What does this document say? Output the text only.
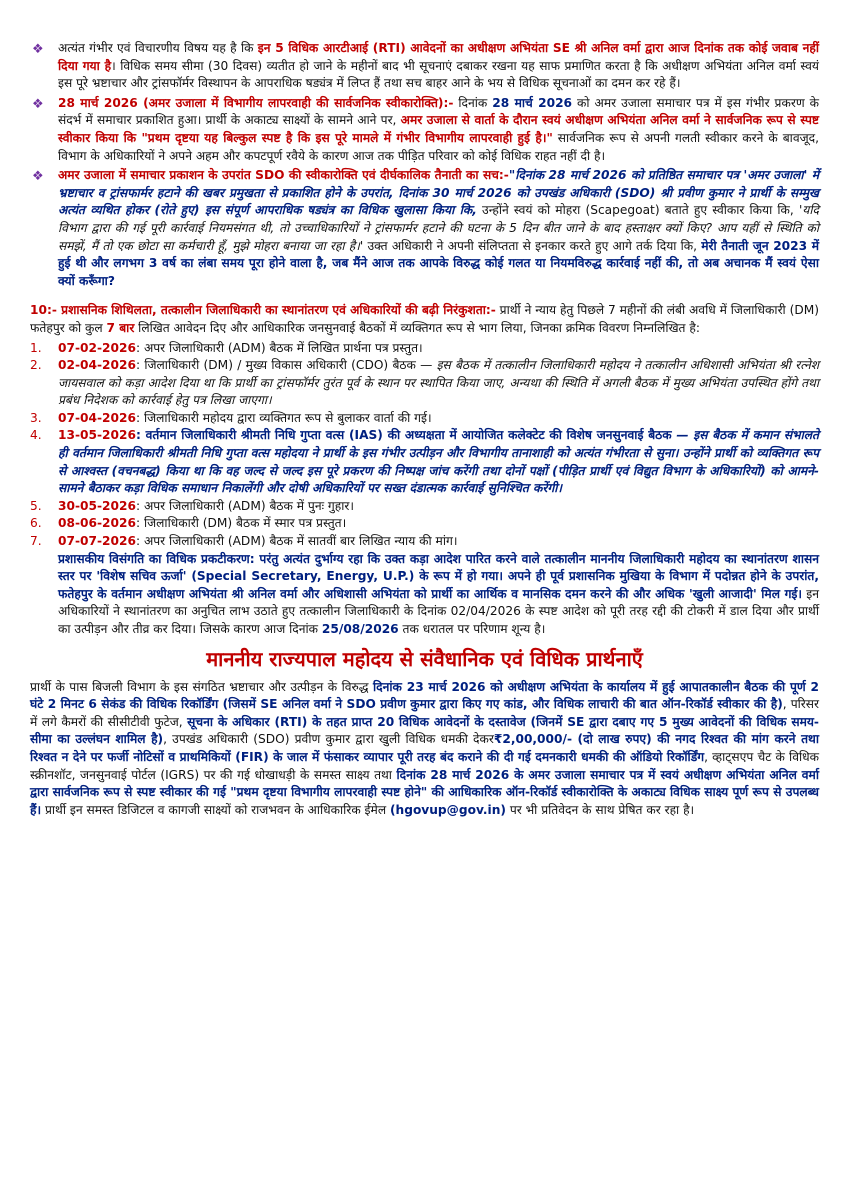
❖ अत्यंत गंभीर एवं विचारणीय विषय यह है कि इन 5 विधिक आरटीआई (RTI) आवेदनों का अधीक्षण अभियंता SE श्री अनिल वर्मा द्वारा आज दिनांक तक कोई जवाब नहीं दिया गया है। विधिक समय सीमा (30 दिवस) व्यतीत हो जाने के महीनों बाद भी सूचनाएं दबाकर रखना यह साफ प्रमाणित करता है कि अधीक्षण अभियंता अनिल वर्मा स्वयं इस पूरे भ्रष्टाचार और ट्रांसफॉर्मर विस्थापन के आपराधिक षड्यंत्र में लिप्त हैं तथा सच बाहर आने के भय से विधिक सूचनाओं का दमन कर रहे हैं।
❖ 28 मार्च 2026 (अमर उजाला में विभागीय लापरवाही की सार्वजनिक स्वीकारोक्ति):- दिनांक 28 मार्च 2026 को अमर उजाला समाचार पत्र में इस गंभीर प्रकरण के संदर्भ में समाचार प्रकाशित हुआ। प्रार्थी के अकाट्य साक्ष्यों के सामने आने पर, अमर उजाला से वार्ता के दौरान स्वयं अधीक्षण अभियंता अनिल वर्मा ने सार्वजनिक रूप से स्पष्ट स्वीकार किया कि "प्रथम दृष्टया यह बिल्कुल स्पष्ट है कि इस पूरे मामले में गंभीर विभागीय लापरवाही हुई है।" सार्वजनिक रूप से अपनी गलती स्वीकार करने के बावजूद, विभाग के अधिकारियों ने अपने अहम और कपटपूर्ण रवैये के कारण आज तक पीड़ित परिवार को कोई विधिक राहत नहीं दी है।
❖ अमर उजाला में समाचार प्रकाशन के उपरांत SDO की स्वीकारोक्ति एवं दीर्घकालिक तैनाती का सच:-"दिनांक 28 मार्च 2026 को प्रतिष्ठित समाचार पत्र 'अमर उजाला' में भ्रष्टाचार व ट्रांसफार्मर हटाने की खबर प्रमुखता से प्रकाशित होने के उपरांत, दिनांक 30 मार्च 2026 को उपखंड अधिकारी (SDO) श्री प्रवीण कुमार ने प्रार्थी के सम्मुख अत्यंत व्यथित होकर (रोते हुए) इस संपूर्ण आपराधिक षड्यंत्र का विधिक खुलासा किया कि, उन्होंने स्वयं को मोहरा (Scapegoat) बताते हुए स्वीकार किया कि, 'यदि विभाग द्वारा की गई पूरी कार्रवाई नियमसंगत थी, तो उच्चाधिकारियों ने ट्रांसफार्मर हटाने की घटना के 5 दिन बीत जाने के बाद हस्ताक्षर क्यों किए? आप यहीं से स्थिति को समझें, मैं तो एक छोटा सा कर्मचारी हूँ, मुझे मोहरा बनाया जा रहा है।' उक्त अधिकारी ने अपनी संलिप्तता से इनकार करते हुए आगे तर्क दिया कि, मेरी तैनाती जून 2023 में हुई थी और लगभग 3 वर्ष का लंबा समय पूरा होने वाला है, जब मैंने आज तक आपके विरुद्ध कोई गलत या नियमविरुद्ध कार्रवाई नहीं की, तो अब अचानक मैं स्वयं ऐसा क्यों करूँगा?
10:- प्रशासनिक शिथिलता, तत्कालीन जिलाधिकारी का स्थानांतरण एवं अधिकारियों की बढ़ी निरंकुशता:- प्रार्थी ने न्याय हेतु पिछले 7 महीनों की लंबी अवधि में जिलाधिकारी (DM) फतेहपुर को कुल 7 बार लिखित आवेदन दिए और आधिकारिक जनसुनवाई बैठकों में व्यक्तिगत रूप से भाग लिया, जिनका क्रमिक विवरण निम्नलिखित है:
1. 07-02-2026: अपर जिलाधिकारी (ADM) बैठक में लिखित प्रार्थना पत्र प्रस्तुत।
2. 02-04-2026: जिलाधिकारी (DM) / मुख्य विकास अधिकारी (CDO) बैठक — इस बैठक में तत्कालीन जिलाधिकारी महोदय ने तत्कालीन अधिशासी अभियंता श्री रत्नेश जायसवाल को कड़ा आदेश दिया था कि प्रार्थी का ट्रांसफॉर्मर तुरंत पूर्व के स्थान पर स्थापित किया जाए, अन्यथा की स्थिति में अगली बैठक में मुख्य अभियंता उपस्थित होंगे तथा प्रबंध निदेशक को कार्रवाई हेतु पत्र लिखा जाएगा।
3. 07-04-2026: जिलाधिकारी महोदय द्वारा व्यक्तिगत रूप से बुलाकर वार्ता की गई।
4. 13-05-2026: वर्तमान जिलाधिकारी श्रीमती निधि गुप्ता वत्स (IAS) की अध्यक्षता में आयोजित कलेक्टेट की विशेष जनसुनवाई बैठक — इस बैठक में कमान संभालते ही वर्तमान जिलाधिकारी श्रीमती निधि गुप्ता वत्स महोदया ने प्रार्थी के इस गंभीर उत्पीड़न और विभागीय तानाशाही को अत्यंत गंभीरता से सुना। उन्होंने प्रार्थी को व्यक्तिगत रूप से आश्वस्त (वचनबद्ध) किया था कि वह जल्द से जल्द इस पूरे प्रकरण की निष्पक्ष जांच करेंगी तथा दोनों पक्षों (पीड़ित प्रार्थी एवं विद्युत विभाग के अधिकारियों) को आमने-सामने बैठाकर कड़ा विधिक समाधान निकालेंगी और दोषी अधिकारियों पर सख्त दंडात्मक कार्रवाई सुनिश्चित करेंगी।
5. 30-05-2026: अपर जिलाधिकारी (ADM) बैठक में पुनः गुहार।
6. 08-06-2026: जिलाधिकारी (DM) बैठक में स्मार पत्र प्रस्तुत।
7. 07-07-2026: अपर जिलाधिकारी (ADM) बैठक में सातवीं बार लिखित न्याय की मांग।
प्रशासकीय विसंगति का विधिक प्रकटीकरण: परंतु अत्यंत दुर्भाग्य रहा कि उक्त कड़ा आदेश पारित करने वाले तत्कालीन माननीय जिलाधिकारी महोदय का स्थानांतरण शासन स्तर पर 'विशेष सचिव ऊर्जा' (Special Secretary, Energy, U.P.) के रूप में हो गया। अपने ही पूर्व प्रशासनिक मुखिया के विभाग में पदोन्नत होने के उपरांत, फतेहपुर के वर्तमान अधीक्षण अभियंता श्री अनिल वर्मा और अधिशासी अभियंता को प्रार्थी का आर्थिक व मानसिक दमन करने की और अधिक 'खुली आजादी' मिल गई। इन अधिकारियों ने स्थानांतरण का अनुचित लाभ उठाते हुए तत्कालीन जिलाधिकारी के दिनांक 02/04/2026 के स्पष्ट आदेश को पूरी तरह रद्दी की टोकरी में डाल दिया और प्रार्थी का उत्पीड़न और तीव्र कर दिया। जिसके कारण आज दिनांक 25/08/2026 तक धरातल पर परिणाम शून्य है।
माननीय राज्यपाल महोदय से संवैधानिक एवं विधिक प्रार्थनाएँ
प्रार्थी के पास बिजली विभाग के इस संगठित भ्रष्टाचार और उत्पीड़न के विरुद्ध दिनांक 23 मार्च 2026 को अधीक्षण अभियंता के कार्यालय में हुई आपातकालीन बैठक की पूर्ण 2 घंटे 2 मिनट 6 सेकंड की विधिक रिकॉर्डिंग (जिसमें SE अनिल वर्मा ने SDO प्रवीण कुमार द्वारा किए गए कांड, और विधिक लाचारी की बात ऑन-रिकॉर्ड स्वीकार की है), परिसर में लगे कैमरों की सीसीटीवी फुटेज, सूचना के अधिकार (RTI) के तहत प्राप्त 20 विधिक आवेदनों के दस्तावेज (जिनमें SE द्वारा दबाए गए 5 मुख्य आवेदनों की विधिक समय-सीमा का उल्लंघन शामिल है), उपखंड अधिकारी (SDO) प्रवीण कुमार द्वारा खुली विधिक धमकी देकर₹2,00,000/- (दो लाख रुपए) की नगद रिश्वत की मांग करने तथा रिश्वत न देने पर फर्जी नोटिसों व प्राथमिकियों (FIR) के जाल में फंसाकर व्यापार पूरी तरह बंद कराने की दी गई दमनकारी धमकी की ऑडियो रिकॉर्डिंग, व्हाट्सएप चैट के विधिक स्क्रीनशॉट, जनसुनवाई पोर्टल (IGRS) पर की गई धोखाधड़ी के समस्त साक्ष्य तथा दिनांक 28 मार्च 2026 के अमर उजाला समाचार पत्र में स्वयं अधीक्षण अभियंता अनिल वर्मा द्वारा सार्वजनिक रूप से स्पष्ट स्वीकार की गई "प्रथम दृष्टया विभागीय लापरवाही स्पष्ट होने" की आधिकारिक ऑन-रिकॉर्ड स्वीकारोक्ति के अकाट्य विधिक साक्ष्य पूर्ण रूप से उपलब्ध हैं। प्रार्थी इन समस्त डिजिटल व कागजी साक्ष्यों को राजभवन के आधिकारिक ईमेल (hgovup@gov.in) पर भी प्रतिवेदन के साथ प्रेषित कर रहा है।
